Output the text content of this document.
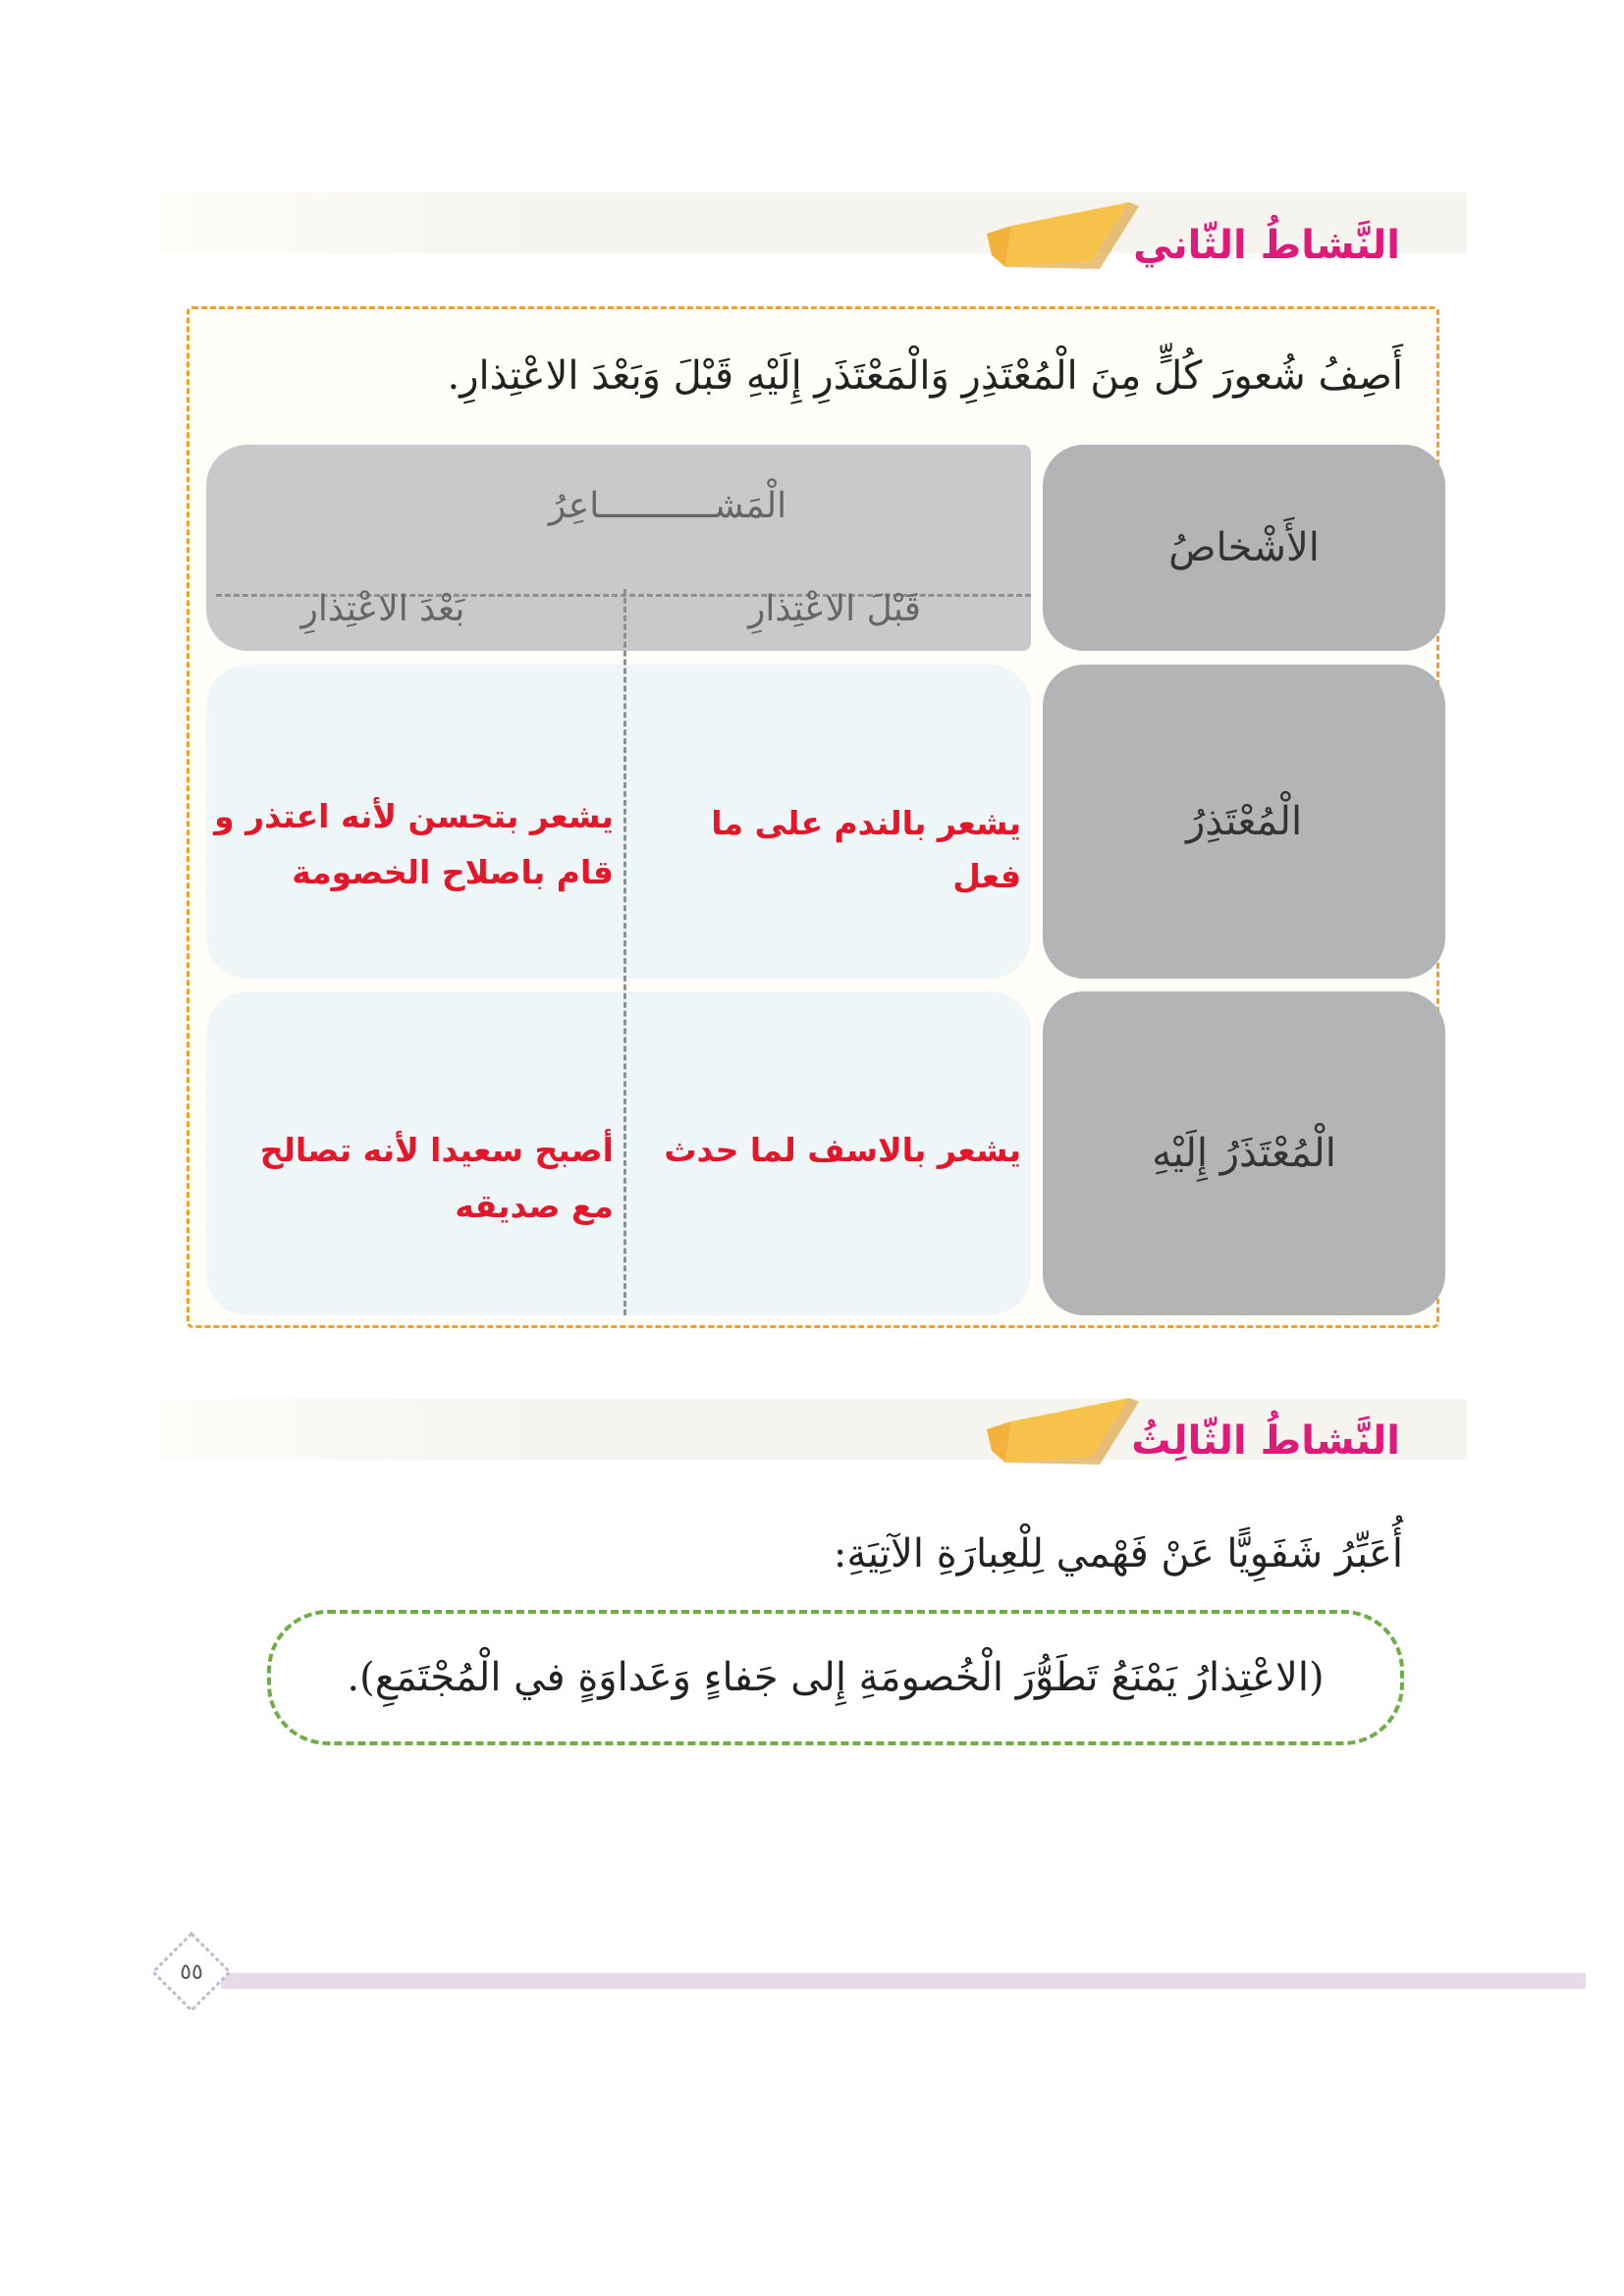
النَّشاطُ الثّاني
أَصِفُ شُعورَ كُلٍّ مِنَ الْمُعْتَذِرِ وَالْمَعْتَذَرِ إِلَيْهِ قَبْلَ وَبَعْدَ الاعْتِذارِ.
الأَشْخاصُ
الْمَشـــــــــــاعِرُ
قَبْلَ الاعْتِذارِ
بَعْدَ الاعْتِذارِ
الْمُعْتَذِرُ
يشعر بالندم على ما فعل
يشعر بتحسن لأنه اعتذر و
قام باصلاح الخصومة
الْمُعْتَذَرُ إِلَيْهِ
يشعر بالاسف لما حدث
أصبح سعيدا لأنه تصالح
مع صديقه
النَّشاطُ الثّالِثُ
أُعَبِّرُ شَفَوِيًّا عَنْ فَهْمي لِلْعِبارَةِ الآتِيَةِ:
(الاعْتِذارُ يَمْنَعُ تَطَوُّرَ الْخُصومَةِ إِلى جَفاءٍ وَعَداوَةٍ في الْمُجْتَمَعِ).
٥٥
